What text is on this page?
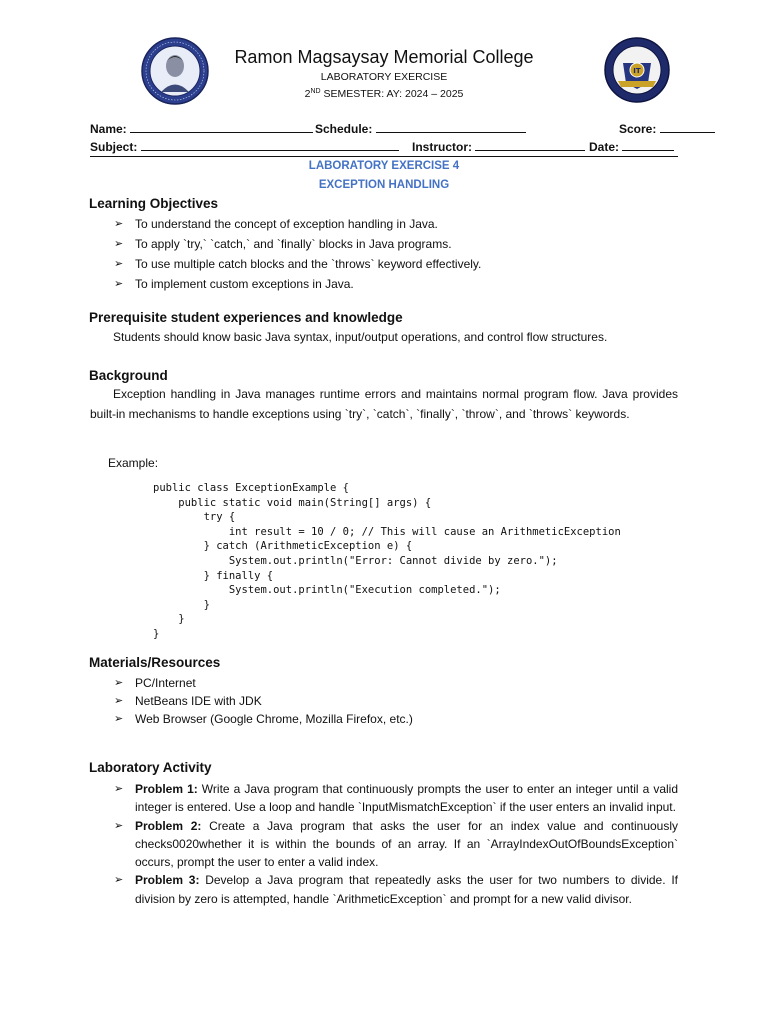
Ramon Magsaysay Memorial College
LABORATORY EXERCISE
2ND SEMESTER: AY: 2024 – 2025
IT
Name:	Schedule:	Score:
Subject:	Instructor:	Date:
LABORATORY EXERCISE 4
EXCEPTION HANDLING
Learning Objectives
➢ To understand the concept of exception handling in Java.
➢ To apply `try,` `catch,` and `finally` blocks in Java programs.
➢ To use multiple catch blocks and the `throws` keyword effectively.
➢ To implement custom exceptions in Java.
Prerequisite student experiences and knowledge
Students should know basic Java syntax, input/output operations, and control flow structures.
Background
Exception handling in Java manages runtime errors and maintains normal program flow. Java provides built-in mechanisms to handle exceptions using `try`, `catch`, `finally`, `throw`, and `throws` keywords.
Example:
public class ExceptionExample {
public static void main(String[] args) {
try {
int result = 10 / 0; // This will cause an ArithmeticException
} catch (ArithmeticException e) {
System.out.println("Error: Cannot divide by zero.");
} finally {
System.out.println("Execution completed.");
}
}
}
Materials/Resources
➢ PC/Internet
➢ NetBeans IDE with JDK
➢ Web Browser (Google Chrome, Mozilla Firefox, etc.)
Laboratory Activity
➢ Problem 1: Write a Java program that continuously prompts the user to enter an integer until a valid integer is entered. Use a loop and handle `InputMismatchException` if the user enters an invalid input.
➢ Problem 2: Create a Java program that asks the user for an index value and continuously checks0020whether it is within the bounds of an array. If an `ArrayIndexOutOfBoundsException` occurs, prompt the user to enter a valid index.
➢ Problem 3: Develop a Java program that repeatedly asks the user for two numbers to divide. If division by zero is attempted, handle `ArithmeticException` and prompt for a new valid divisor.
